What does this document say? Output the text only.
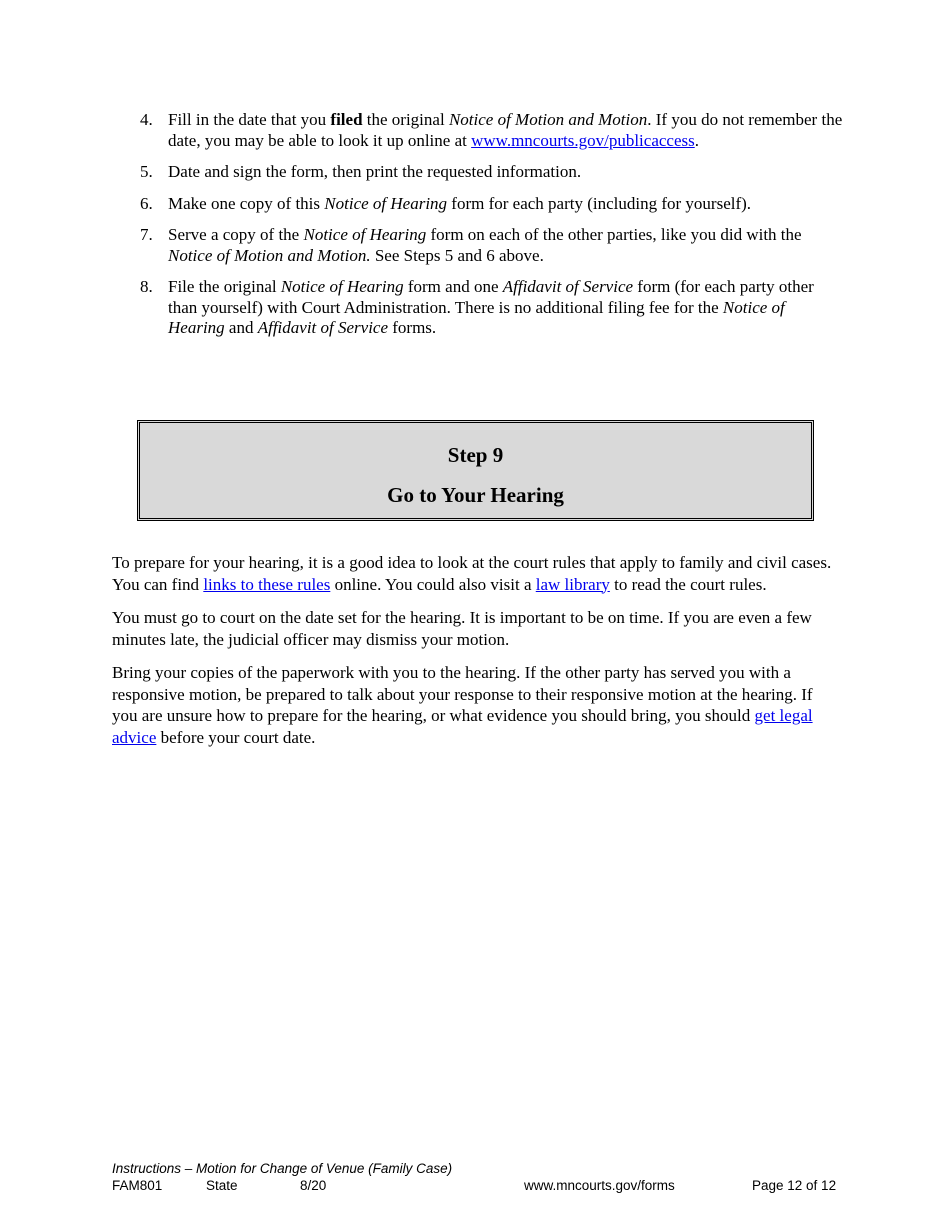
4. Fill in the date that you filed the original Notice of Motion and Motion. If you do not remember the date, you may be able to look it up online at www.mncourts.gov/publicaccess.
5. Date and sign the form, then print the requested information.
6. Make one copy of this Notice of Hearing form for each party (including for yourself).
7. Serve a copy of the Notice of Hearing form on each of the other parties, like you did with the Notice of Motion and Motion. See Steps 5 and 6 above.
8. File the original Notice of Hearing form and one Affidavit of Service form (for each party other than yourself) with Court Administration. There is no additional filing fee for the Notice of Hearing and Affidavit of Service forms.
Step 9
Go to Your Hearing

To prepare for your hearing, it is a good idea to look at the court rules that apply to family and civil cases. You can find links to these rules online. You could also visit a law library to read the court rules.

You must go to court on the date set for the hearing. It is important to be on time. If you are even a few minutes late, the judicial officer may dismiss your motion.

Bring your copies of the paperwork with you to the hearing. If the other party has served you with a responsive motion, be prepared to talk about your response to their responsive motion at the hearing. If you are unsure how to prepare for the hearing, or what evidence you should bring, you should get legal advice before your court date.

Instructions – Motion for Change of Venue (Family Case)
FAM801	State	8/20	www.mncourts.gov/forms	Page 12 of 12
